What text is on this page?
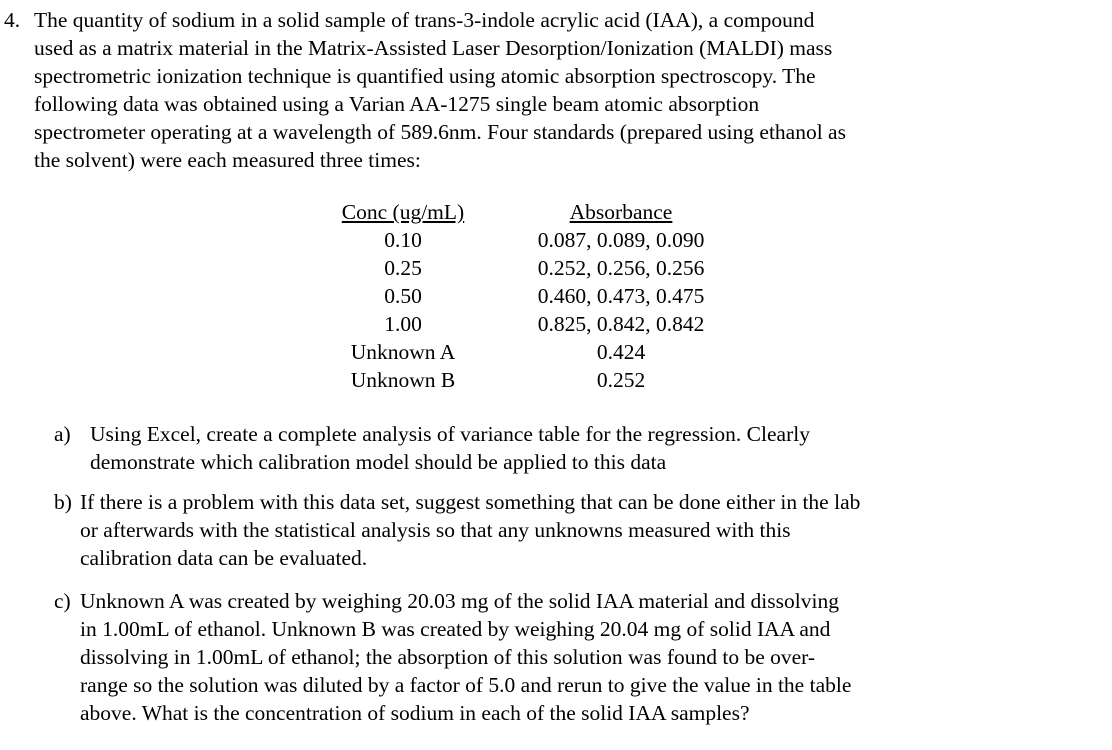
4. The quantity of sodium in a solid sample of trans-3-indole acrylic acid (IAA), a compound
used as a matrix material in the Matrix-Assisted Laser Desorption/Ionization (MALDI) mass
spectrometric ionization technique is quantified using atomic absorption spectroscopy. The
following data was obtained using a Varian AA-1275 single beam atomic absorption
spectrometer operating at a wavelength of 589.6nm. Four standards (prepared using ethanol as
the solvent) were each measured three times:
Conc (ug/mL)		Absorbance
0.10		0.087, 0.089, 0.090
0.25		0.252, 0.256, 0.256
0.50		0.460, 0.473, 0.475
1.00		0.825, 0.842, 0.842
Unknown A		0.424
Unknown B		0.252
a) Using Excel, create a complete analysis of variance table for the regression. Clearly
demonstrate which calibration model should be applied to this data
b) If there is a problem with this data set, suggest something that can be done either in the lab
or afterwards with the statistical analysis so that any unknowns measured with this
calibration data can be evaluated.
c) Unknown A was created by weighing 20.03 mg of the solid IAA material and dissolving
in 1.00mL of ethanol. Unknown B was created by weighing 20.04 mg of solid IAA and
dissolving in 1.00mL of ethanol; the absorption of this solution was found to be over-
range so the solution was diluted by a factor of 5.0 and rerun to give the value in the table
above. What is the concentration of sodium in each of the solid IAA samples?
